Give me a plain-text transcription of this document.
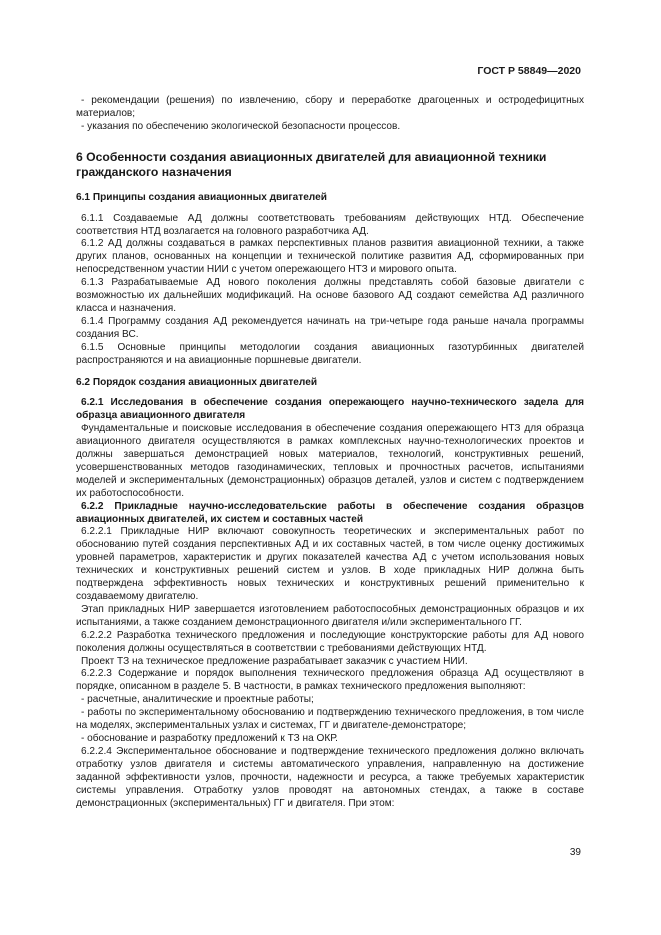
ГОСТ Р 58849—2020

- рекомендации (решения) по извлечению, сбору и переработке драгоценных и остродефицитных материалов;

- указания по обеспечению экологической безопасности процессов.

6 Особенности создания авиационных двигателей для авиационной техники гражданского назначения
6.1 Принципы создания авиационных двигателей

6.1.1 Создаваемые АД должны соответствовать требованиям действующих НТД. Обеспечение соответствия НТД возлагается на головного разработчика АД.

6.1.2 АД должны создаваться в рамках перспективных планов развития авиационной техники, а также других планов, основанных на концепции и технической политике развития АД, сформированных при непосредственном участии НИИ с учетом опережающего НТЗ и мирового опыта.

6.1.3 Разрабатываемые АД нового поколения должны представлять собой базовые двигатели с возможностью их дальнейших модификаций. На основе базового АД создают семейства АД различного класса и назначения.

6.1.4 Программу создания АД рекомендуется начинать на три-четыре года раньше начала программы создания ВС.

6.1.5 Основные принципы методологии создания авиационных газотурбинных двигателей распространяются и на авиационные поршневые двигатели.

6.2 Порядок создания авиационных двигателей

6.2.1 Исследования в обеспечение создания опережающего научно-технического задела для образца авиационного двигателя

Фундаментальные и поисковые исследования в обеспечение создания опережающего НТЗ для образца авиационного двигателя осуществляются в рамках комплексных научно-технологических проектов и должны завершаться демонстрацией новых материалов, технологий, конструктивных решений, усовершенствованных методов газодинамических, тепловых и прочностных расчетов, испытаниями моделей и экспериментальных (демонстрационных) образцов деталей, узлов и систем с подтверждением их работоспособности.

6.2.2 Прикладные научно-исследовательские работы в обеспечение создания образцов авиационных двигателей, их систем и составных частей

6.2.2.1 Прикладные НИР включают совокупность теоретических и экспериментальных работ по обоснованию путей создания перспективных АД и их составных частей, в том числе оценку достижимых уровней параметров, характеристик и других показателей качества АД с учетом использования новых технических и конструктивных решений систем и узлов. В ходе прикладных НИР должна быть подтверждена эффективность новых технических и конструктивных решений применительно к создаваемому двигателю.

Этап прикладных НИР завершается изготовлением работоспособных демонстрационных образцов и их испытаниями, а также созданием демонстрационного двигателя и/или экспериментального ГГ.

6.2.2.2 Разработка технического предложения и последующие конструкторские работы для АД нового поколения должны осуществляться в соответствии с требованиями действующих НТД.

Проект ТЗ на техническое предложение разрабатывает заказчик с участием НИИ.

6.2.2.3 Содержание и порядок выполнения технического предложения образца АД осуществляют в порядке, описанном в разделе 5. В частности, в рамках технического предложения выполняют:

- расчетные, аналитические и проектные работы;

- работы по экспериментальному обоснованию и подтверждению технического предложения, в том числе на моделях, экспериментальных узлах и системах, ГГ и двигателе-демонстраторе;

- обоснование и разработку предложений к ТЗ на ОКР.

6.2.2.4 Экспериментальное обоснование и подтверждение технического предложения должно включать отработку узлов двигателя и системы автоматического управления, направленную на достижение заданной эффективности узлов, прочности, надежности и ресурса, а также требуемых характеристик системы управления. Отработку узлов проводят на автономных стендах, а также в составе демонстрационных (экспериментальных) ГГ и двигателя. При этом:

39
